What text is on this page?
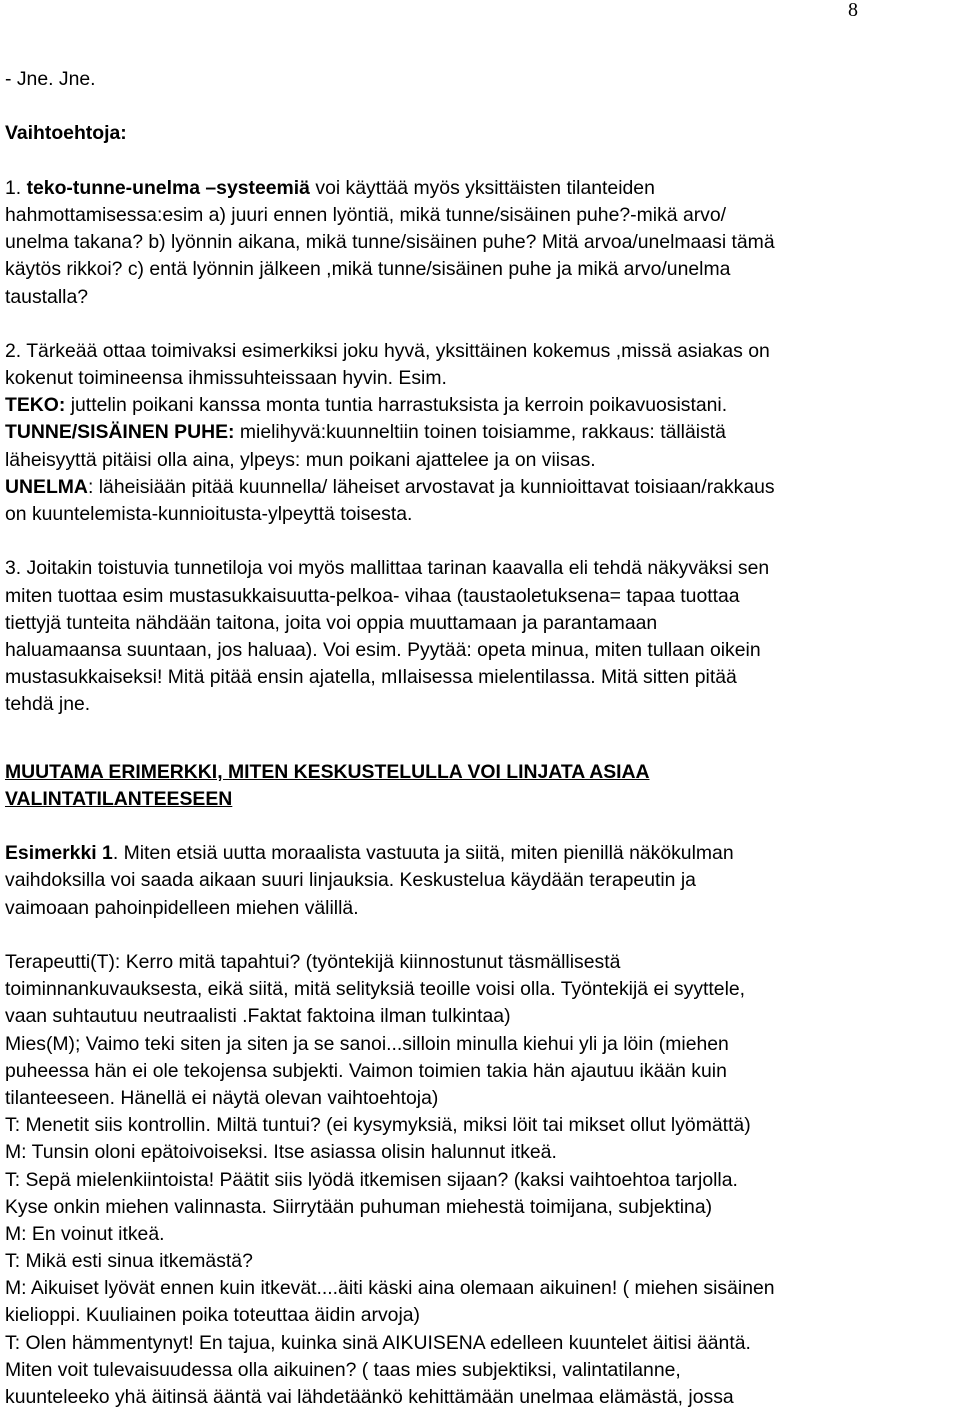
8
- Jne. Jne.
Vaihtoehtoja:
1. teko-tunne-unelma –systeemiä voi käyttää myös yksittäisten tilanteiden
hahmottamisessa:esim a) juuri ennen lyöntiä, mikä tunne/sisäinen puhe?-mikä arvo/
unelma takana? b) lyönnin aikana, mikä tunne/sisäinen puhe? Mitä arvoa/unelmaasi tämä
käytös rikkoi? c) entä lyönnin jälkeen ,mikä tunne/sisäinen puhe ja mikä arvo/unelma
taustalla?
2. Tärkeää ottaa toimivaksi esimerkiksi joku hyvä, yksittäinen kokemus ,missä asiakas on
kokenut toimineensa ihmissuhteissaan hyvin. Esim.
TEKO: juttelin poikani kanssa monta tuntia harrastuksista ja kerroin poikavuosistani.
TUNNE/SISÄINEN PUHE: mielihyvä:kuunneltiin toinen toisiamme, rakkaus: tälläistä
läheisyyttä pitäisi olla aina, ylpeys: mun poikani ajattelee ja on viisas.
UNELMA: läheisiään pitää kuunnella/ läheiset arvostavat ja kunnioittavat toisiaan/rakkaus
on kuuntelemista-kunnioitusta-ylpeyttä toisesta.
3. Joitakin toistuvia tunnetiloja voi myös mallittaa tarinan kaavalla eli tehdä näkyväksi sen
miten tuottaa esim mustasukkaisuutta-pelkoa- vihaa (taustaoletuksena= tapaa tuottaa
tiettyjä tunteita nähdään taitona, joita voi oppia muuttamaan ja parantamaan
haluamaansa suuntaan, jos haluaa). Voi esim. Pyytää: opeta minua, miten tullaan oikein
mustasukkaiseksi! Mitä pitää ensin ajatella, mIlaisessa mielentilassa. Mitä sitten pitää
tehdä jne.
MUUTAMA ERIMERKKI, MITEN KESKUSTELULLA VOI LINJATA ASIAA
VALINTATILANTEESEEN
Esimerkki 1. Miten etsiä uutta moraalista vastuuta ja siitä, miten pienillä näkökulman
vaihdoksilla voi saada aikaan suuri linjauksia. Keskustelua käydään terapeutin ja
vaimoaan pahoinpidelleen miehen välillä.
Terapeutti(T): Kerro mitä tapahtui? (työntekijä kiinnostunut täsmällisestä
toiminnankuvauksesta, eikä siitä, mitä selityksiä teoille voisi olla. Työntekijä ei syyttele,
vaan suhtautuu neutraalisti .Faktat faktoina ilman tulkintaa)
Mies(M); Vaimo teki siten ja siten ja se sanoi...silloin minulla kiehui yli ja löin (miehen
puheessa hän ei ole tekojensa subjekti. Vaimon toimien takia hän ajautuu ikään kuin
tilanteeseen. Hänellä ei näytä olevan vaihtoehtoja)
T: Menetit siis kontrollin. Miltä tuntui? (ei kysymyksiä, miksi löit tai mikset ollut lyömättä)
M: Tunsin oloni epätoivoiseksi. Itse asiassa olisin halunnut itkeä.
T: Sepä mielenkiintoista! Päätit siis lyödä itkemisen sijaan? (kaksi vaihtoehtoa tarjolla.
Kyse onkin miehen valinnasta. Siirrytään puhuman miehestä toimijana, subjektina)
M: En voinut itkeä.
T: Mikä esti sinua itkemästä?
M: Aikuiset lyövät ennen kuin itkevät....äiti käski aina olemaan aikuinen! ( miehen sisäinen
kielioppi. Kuuliainen poika toteuttaa äidin arvoja)
T: Olen hämmentynyt! En tajua, kuinka sinä AIKUISENA edelleen kuuntelet äitisi ääntä.
Miten voit tulevaisuudessa olla aikuinen? ( taas mies subjektiksi, valintatilanne,
kuunteleeko yhä äitinsä ääntä vai lähdetäänkö kehittämään unelmaa elämästä, jossa
